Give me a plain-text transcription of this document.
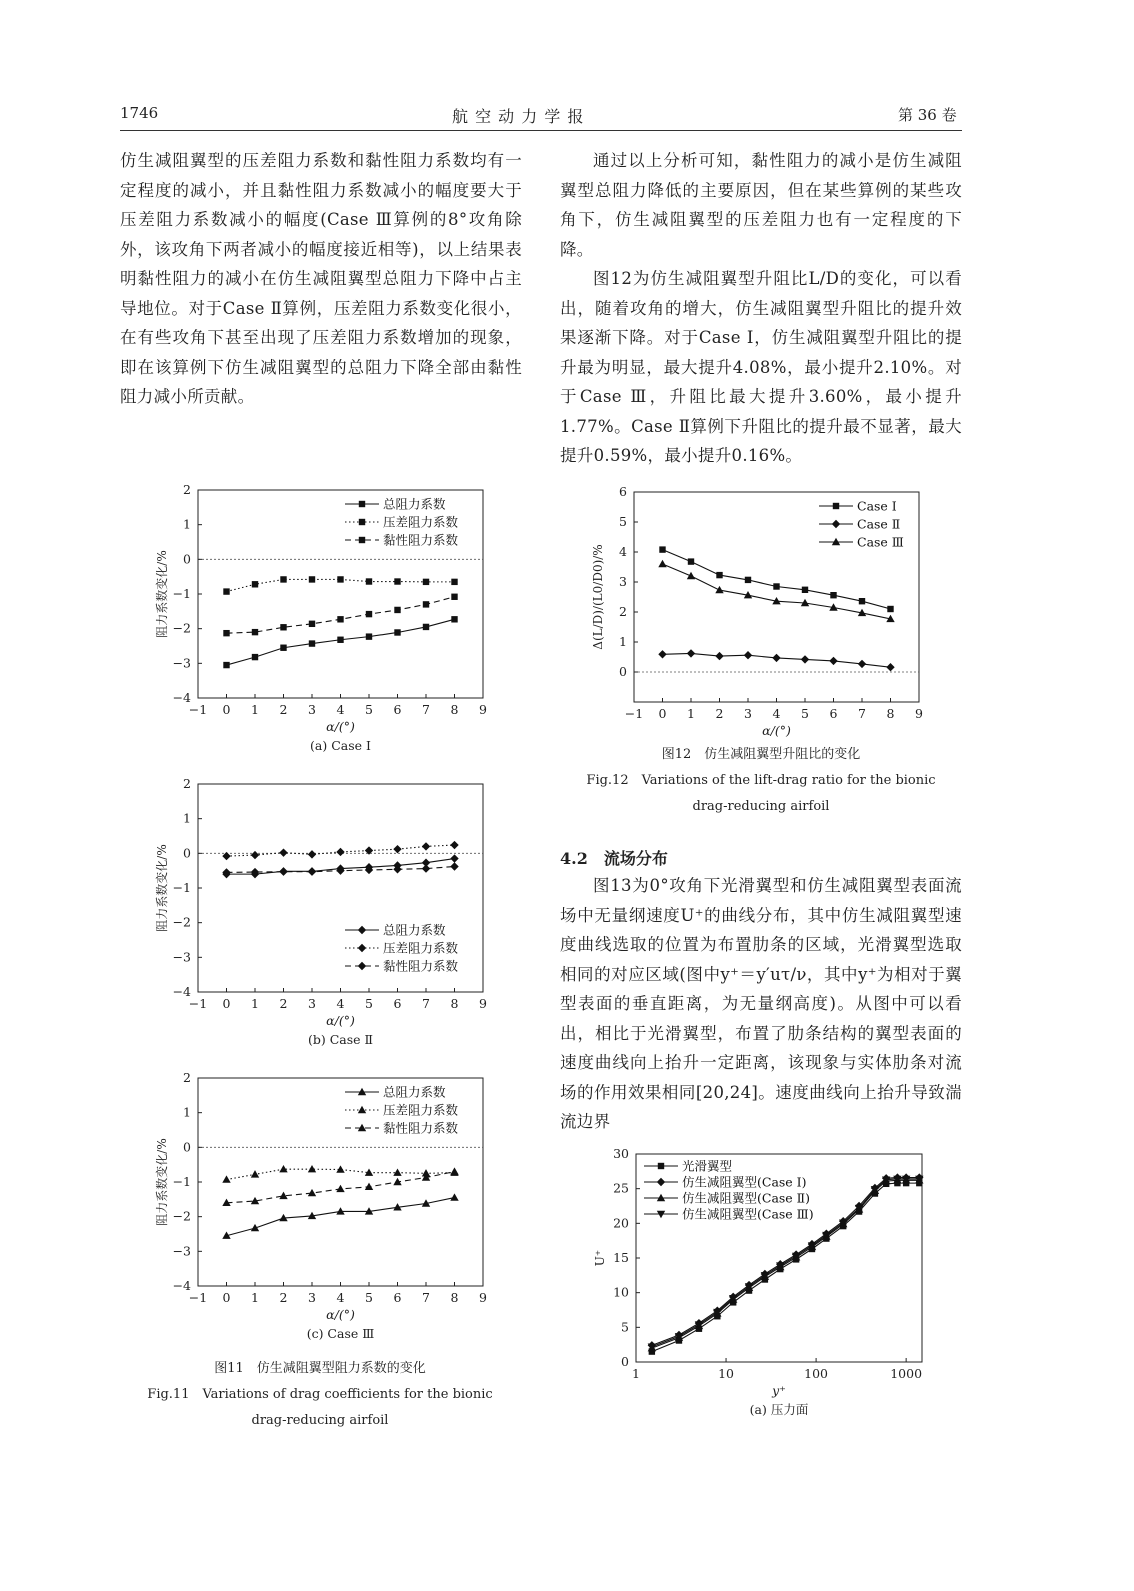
1746	航 空 动 力 学 报	第 36 卷

仿生减阻翼型的压差阻力系数和黏性阻力系数均有一定程度的减小，并且黏性阻力系数减小的幅度要大于压差阻力系数减小的幅度(Case Ⅲ算例的8°攻角除外，该攻角下两者减小的幅度接近相等)，以上结果表明黏性阻力的减小在仿生减阻翼型总阻力下降中占主导地位。对于Case Ⅱ算例，压差阻力系数变化很小，在有些攻角下甚至出现了压差阻力系数增加的现象，即在该算例下仿生减阻翼型的总阻力下降全部由黏性阻力减小所贡献。

通过以上分析可知，黏性阻力的减小是仿生减阻翼型总阻力降低的主要原因，但在某些算例的某些攻角下，仿生减阻翼型的压差阻力也有一定程度的下降。

图12为仿生减阻翼型升阻比L/D的变化，可以看出，随着攻角的增大，仿生减阻翼型升阻比的提升效果逐渐下降。对于Case Ⅰ，仿生减阻翼型升阻比的提升最为明显，最大提升4.08%，最小提升2.10%。对于Case Ⅲ，升阻比最大提升3.60%，最小提升1.77%。Case Ⅱ算例下升阻比的提升最不显著，最大提升0.59%，最小提升0.16%。

−1 0 1 2 3 4 5 6 7 8 9
−4
−3
−2
−1
0
1
2
α/(°)
阻力系数变化/%
(a) Case Ⅰ
总阻力系数
压差阻力系数
黏性阻力系数
−1 0 1 2 3 4 5 6 7 8 9
−4
−3
−2
−1
0
1
2
α/(°)
阻力系数变化/%
(b) Case Ⅱ
总阻力系数
压差阻力系数
黏性阻力系数
−1 0 1 2 3 4 5 6 7 8 9
−4
−3
−2
−1
0
1
2
α/(°)
阻力系数变化/%
(c) Case Ⅲ
总阻力系数
压差阻力系数
黏性阻力系数
图11　仿生减阻翼型阻力系数的变化
Fig.11　Variations of drag coefficients for the bionic
drag-reducing airfoil
−1 0 1 2 3 4 5 6 7 8 9
0
1
2
3
4
5
6
α/(°)
Δ(L/D)/(L0/D0)/%
Case Ⅰ
Case Ⅱ
Case Ⅲ
图12　仿生减阻翼型升阻比的变化
Fig.12　Variations of the lift-drag ratio for the bionic
drag-reducing airfoil
4.2　流场分布

图13为0°攻角下光滑翼型和仿生减阻翼型表面流场中无量纲速度U⁺的曲线分布，其中仿生减阻翼型速度曲线选取的位置为布置肋条的区域，光滑翼型选取相同的对应区域(图中y⁺＝y′uτ/ν，其中y⁺为相对于翼型表面的垂直距离，为无量纲高度)。从图中可以看出，相比于光滑翼型，布置了肋条结构的翼型表面的速度曲线向上抬升一定距离，该现象与实体肋条对流场的作用效果相同[20,24]。速度曲线向上抬升导致湍流边界

1	10	100	1000
0
5
10
15
20
25
30
y⁺
U⁺
(a) 压力面
光滑翼型
仿生减阻翼型(Case Ⅰ)
仿生减阻翼型(Case Ⅱ)
仿生减阻翼型(Case Ⅲ)
